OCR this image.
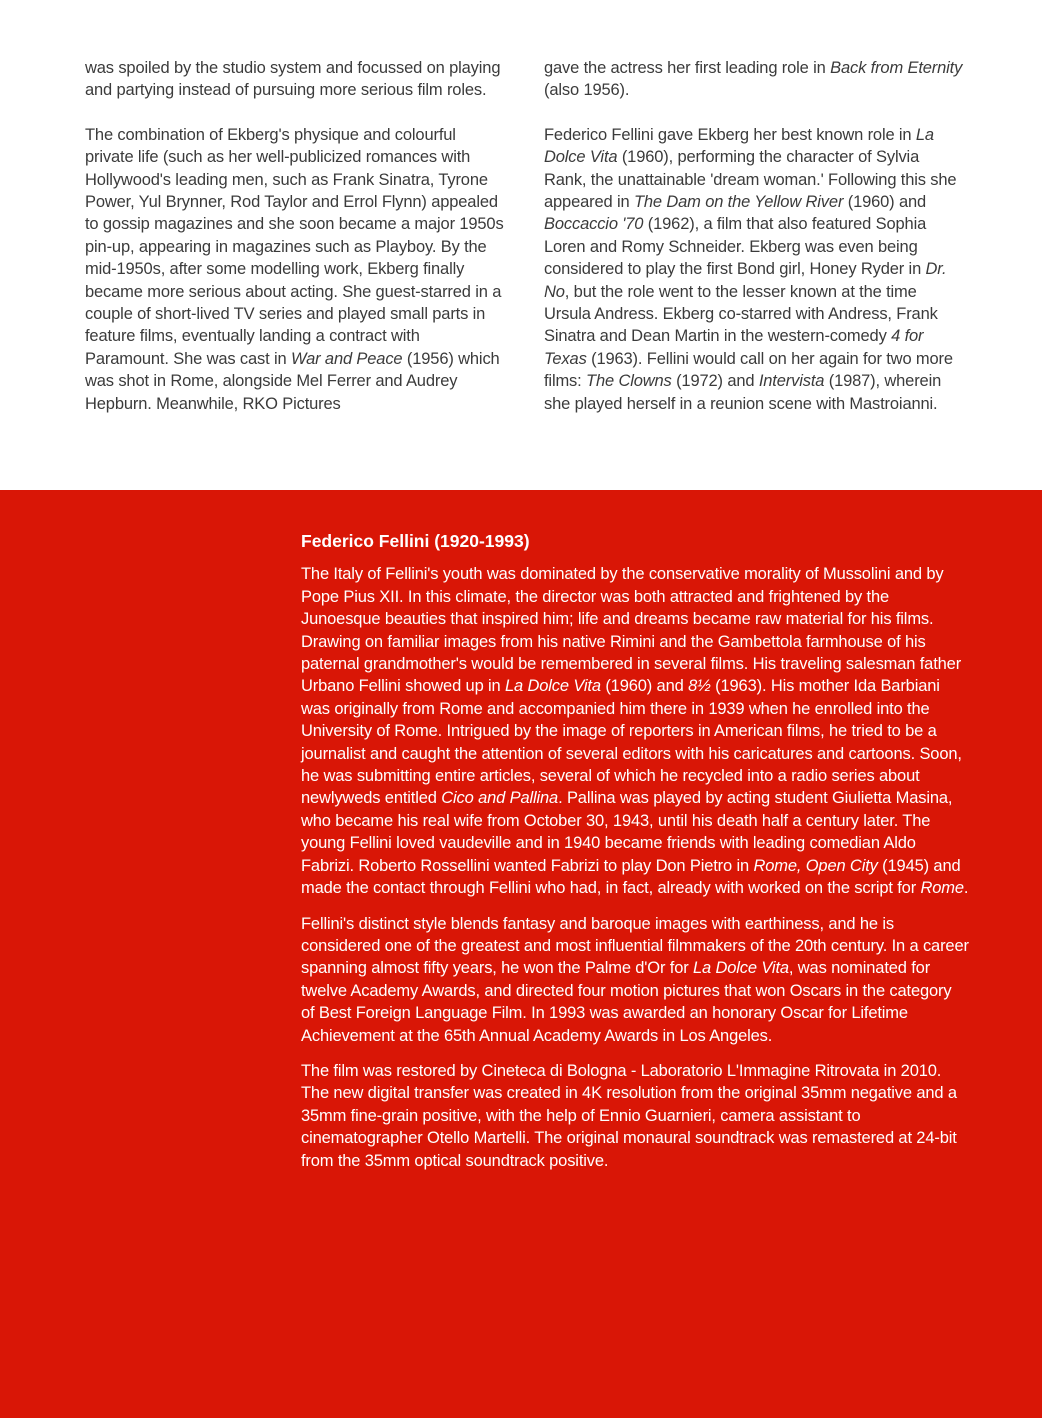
was spoiled by the studio system and focussed on playing and partying instead of pursuing more serious film roles.

The combination of Ekberg's physique and colourful private life (such as her well-publicized romances with Hollywood's leading men, such as Frank Sinatra, Tyrone Power, Yul Brynner, Rod Taylor and Errol Flynn) appealed to gossip magazines and she soon became a major 1950s pin-up, appearing in magazines such as Playboy. By the mid-1950s, after some modelling work, Ekberg finally became more serious about acting. She guest-starred in a couple of short-lived TV series and played small parts in feature films, eventually landing a contract with Paramount. She was cast in War and Peace (1956) which was shot in Rome, alongside Mel Ferrer and Audrey Hepburn. Meanwhile, RKO Pictures

gave the actress her first leading role in Back from Eternity (also 1956).

Federico Fellini gave Ekberg her best known role in La Dolce Vita (1960), performing the character of Sylvia Rank, the unattainable 'dream woman.' Following this she appeared in The Dam on the Yellow River (1960) and Boccaccio '70 (1962), a film that also featured Sophia Loren and Romy Schneider. Ekberg was even being considered to play the first Bond girl, Honey Ryder in Dr. No, but the role went to the lesser known at the time Ursula Andress. Ekberg co-starred with Andress, Frank Sinatra and Dean Martin in the western-comedy 4 for Texas (1963). Fellini would call on her again for two more films: The Clowns (1972) and Intervista (1987), wherein she played herself in a reunion scene with Mastroianni.

Federico Fellini (1920-1993)

The Italy of Fellini's youth was dominated by the conservative morality of Mussolini and by Pope Pius XII. In this climate, the director was both attracted and frightened by the Junoesque beauties that inspired him; life and dreams became raw material for his films. Drawing on familiar images from his native Rimini and the Gambettola farmhouse of his paternal grandmother's would be remembered in several films. His traveling salesman father Urbano Fellini showed up in La Dolce Vita (1960) and 8½ (1963). His mother Ida Barbiani was originally from Rome and accompanied him there in 1939 when he enrolled into the University of Rome. Intrigued by the image of reporters in American films, he tried to be a journalist and caught the attention of several editors with his caricatures and cartoons. Soon, he was submitting entire articles, several of which he recycled into a radio series about newlyweds entitled Cico and Pallina. Pallina was played by acting student Giulietta Masina, who became his real wife from October 30, 1943, until his death half a century later. The young Fellini loved vaudeville and in 1940 became friends with leading comedian Aldo Fabrizi. Roberto Rossellini wanted Fabrizi to play Don Pietro in Rome, Open City (1945) and made the contact through Fellini who had, in fact, already with worked on the script for Rome.

Fellini's distinct style blends fantasy and baroque images with earthiness, and he is considered one of the greatest and most influential filmmakers of the 20th century. In a career spanning almost fifty years, he won the Palme d'Or for La Dolce Vita, was nominated for twelve Academy Awards, and directed four motion pictures that won Oscars in the category of Best Foreign Language Film. In 1993 was awarded an honorary Oscar for Lifetime Achievement at the 65th Annual Academy Awards in Los Angeles.

The film was restored by Cineteca di Bologna - Laboratorio L'Immagine Ritrovata in 2010. The new digital transfer was created in 4K resolution from the original 35mm negative and a 35mm fine-grain positive, with the help of Ennio Guarnieri, camera assistant to cinematographer Otello Martelli. The original monaural soundtrack was remastered at 24-bit from the 35mm optical soundtrack positive.
